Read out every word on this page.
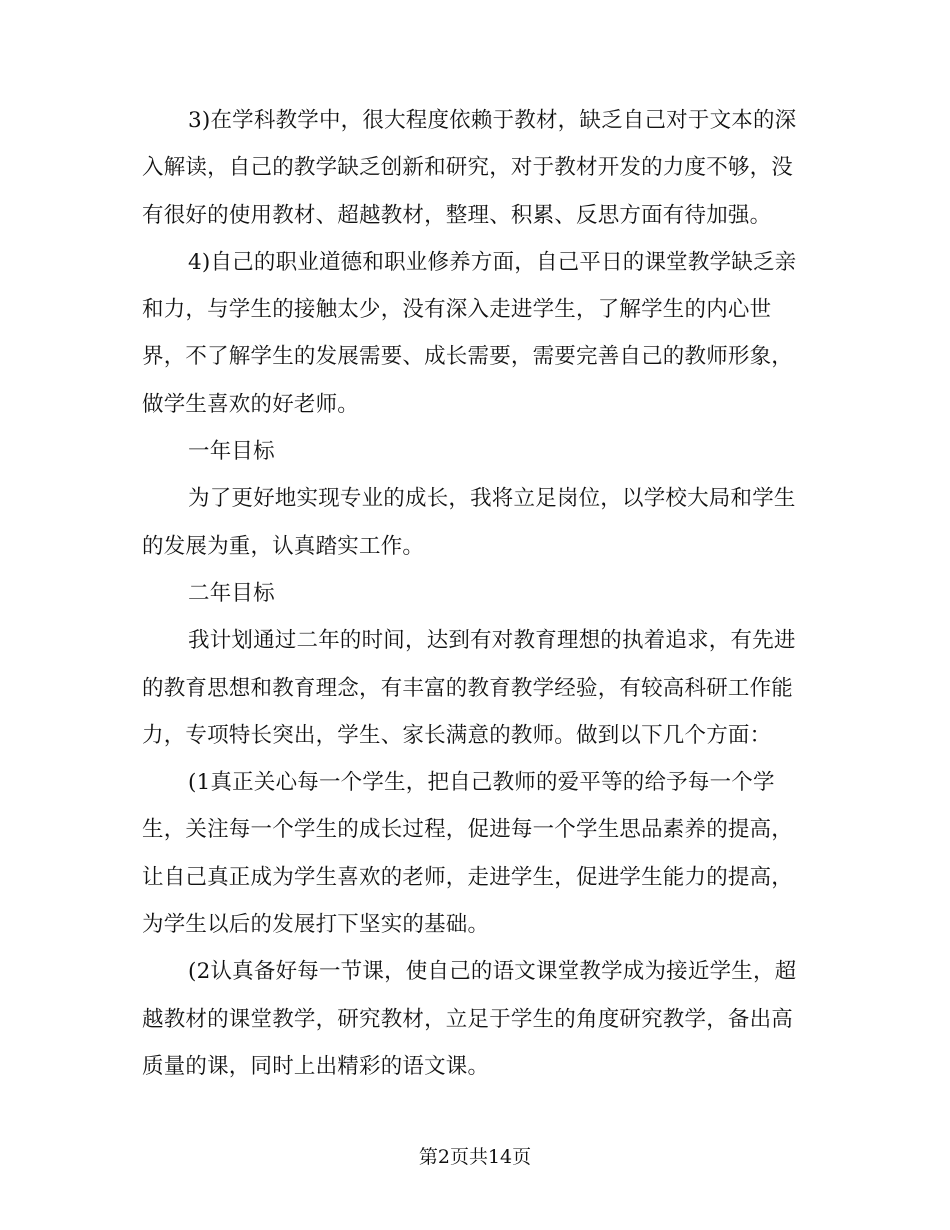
3)在学科教学中，很大程度依赖于教材，缺乏自己对于文本的深
入解读，自己的教学缺乏创新和研究，对于教材开发的力度不够，没
有很好的使用教材、超越教材，整理、积累、反思方面有待加强。
4)自己的职业道德和职业修养方面，自己平日的课堂教学缺乏亲
和力，与学生的接触太少，没有深入走进学生，了解学生的内心世
界，不了解学生的发展需要、成长需要，需要完善自己的教师形象，
做学生喜欢的好老师。
一年目标
为了更好地实现专业的成长，我将立足岗位，以学校大局和学生
的发展为重，认真踏实工作。
二年目标
我计划通过二年的时间，达到有对教育理想的执着追求，有先进
的教育思想和教育理念，有丰富的教育教学经验，有较高科研工作能
力，专项特长突出，学生、家长满意的教师。做到以下几个方面：
(1真正关心每一个学生，把自己教师的爱平等的给予每一个学
生，关注每一个学生的成长过程，促进每一个学生思品素养的提高，
让自己真正成为学生喜欢的老师，走进学生，促进学生能力的提高，
为学生以后的发展打下坚实的基础。
(2认真备好每一节课，使自己的语文课堂教学成为接近学生，超
越教材的课堂教学，研究教材，立足于学生的角度研究教学，备出高
质量的课，同时上出精彩的语文课。
第2页共14页
